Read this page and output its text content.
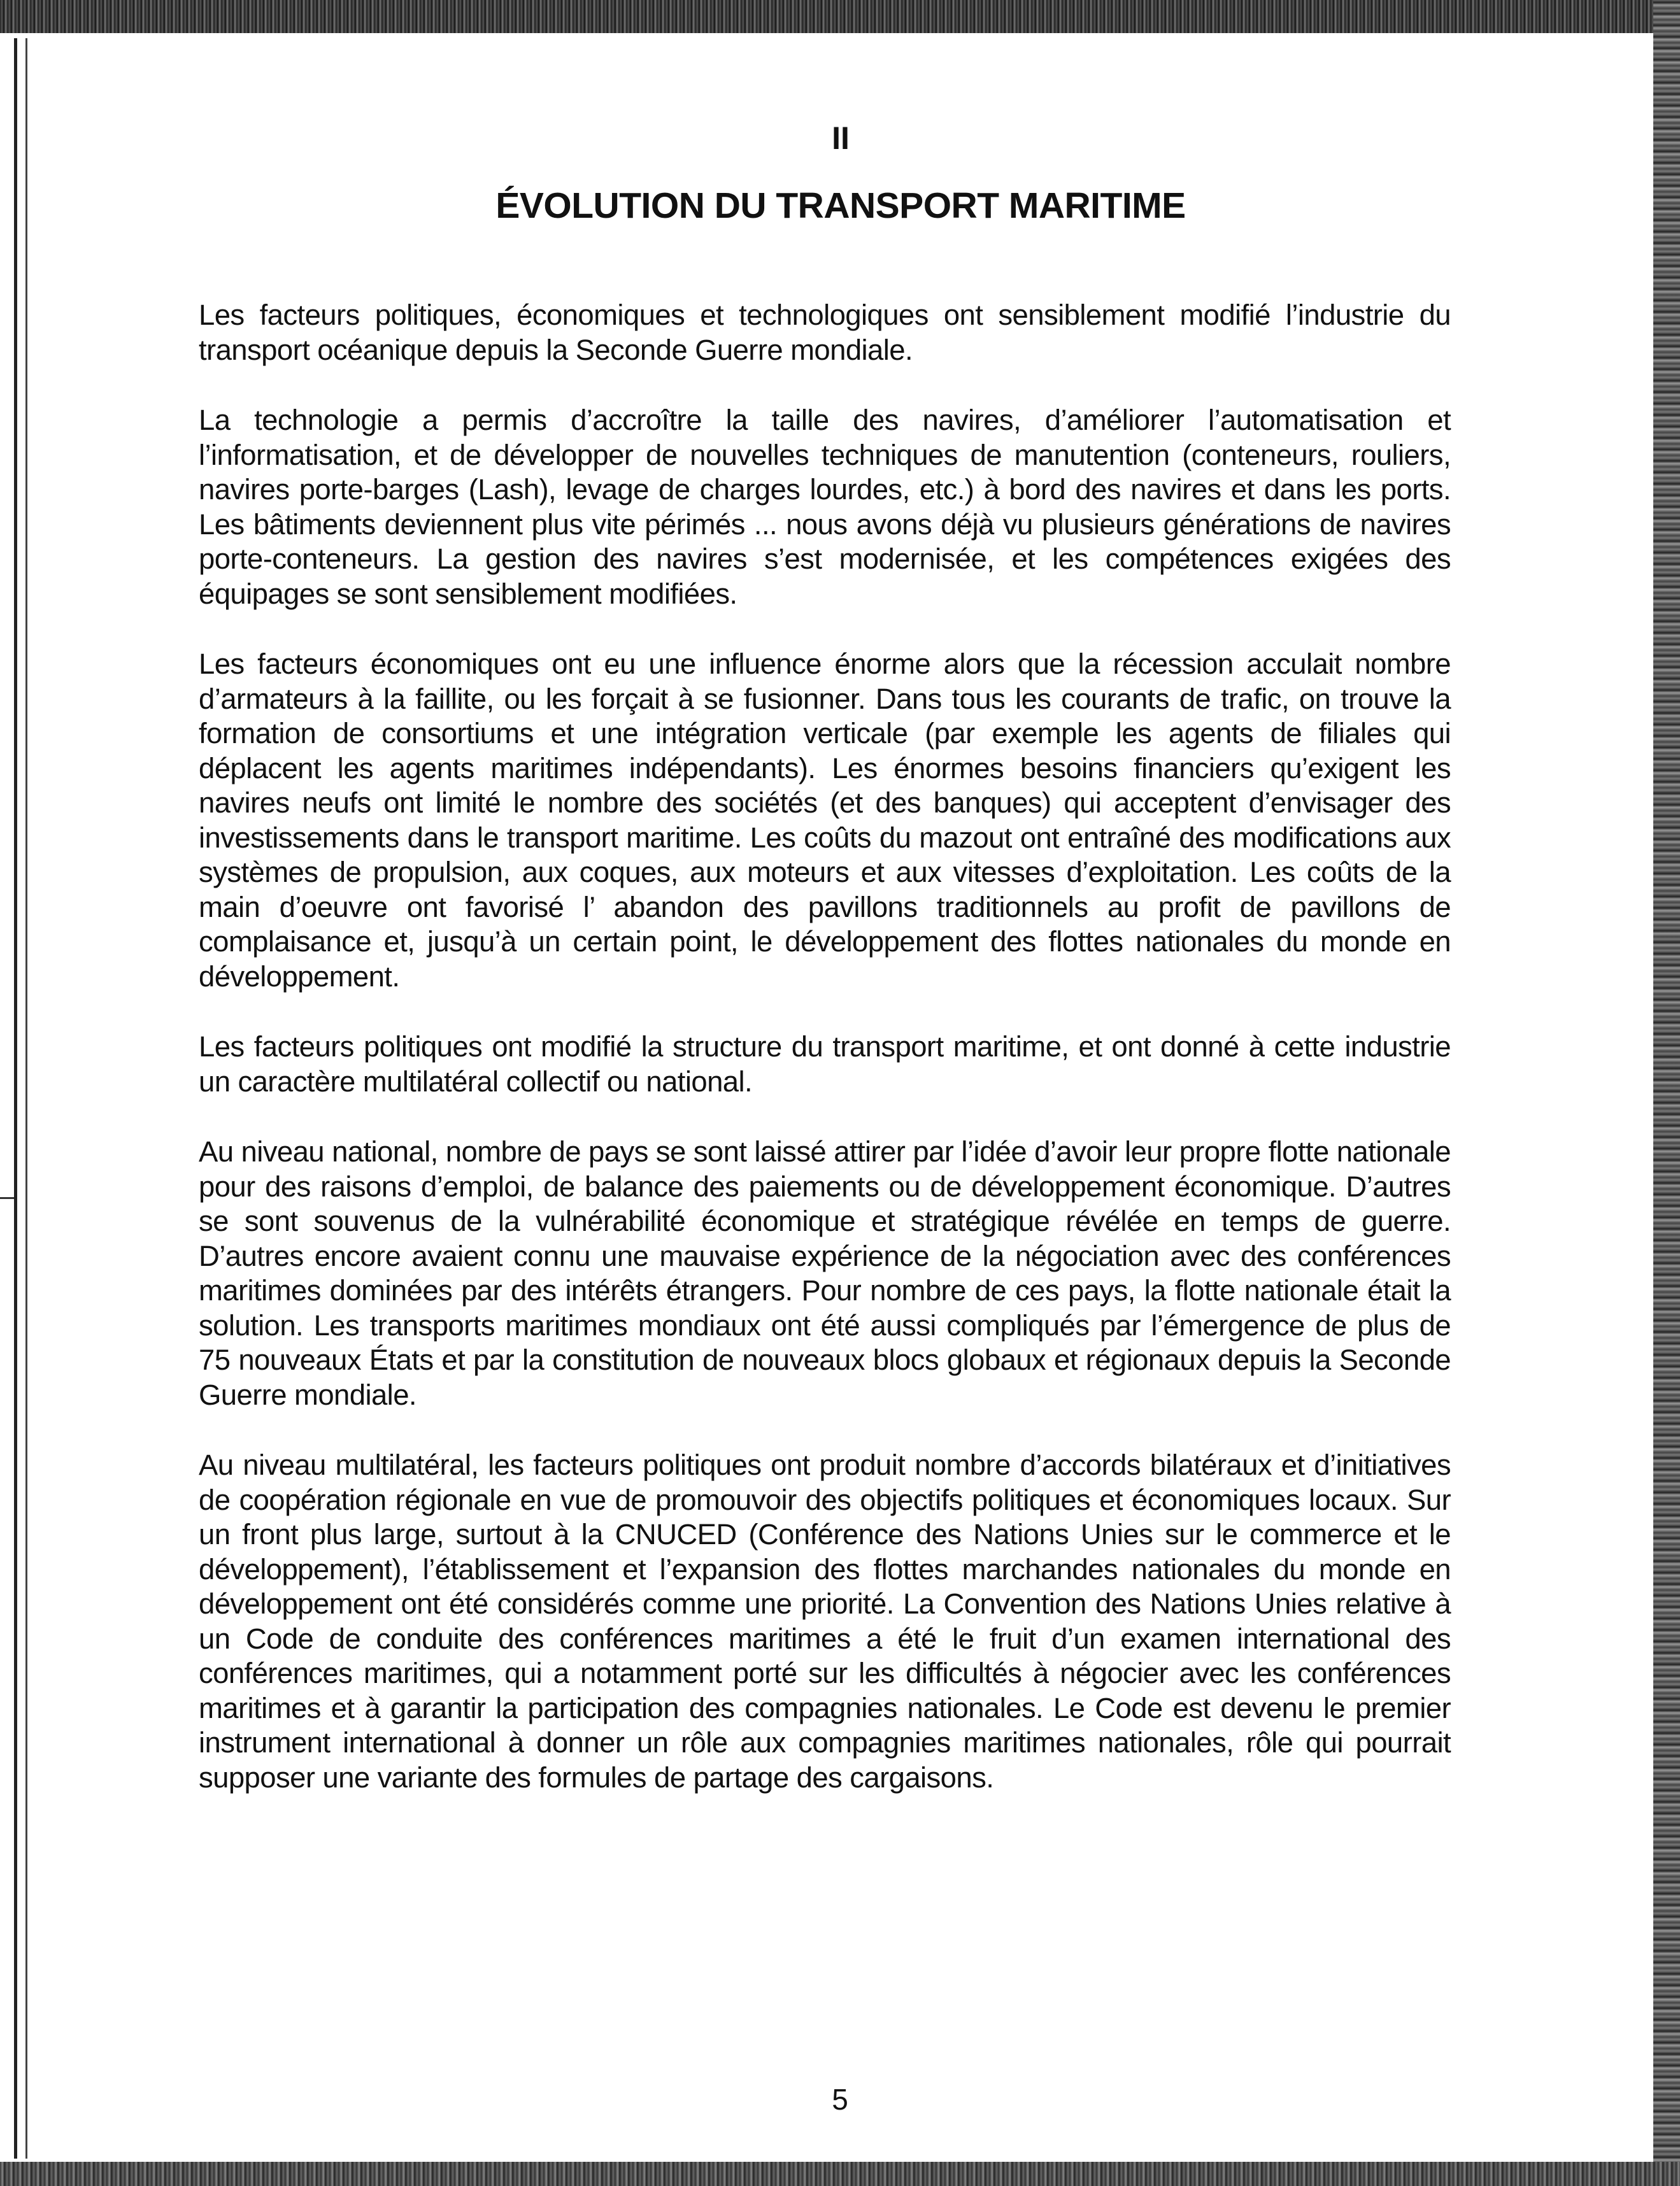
II
ÉVOLUTION DU TRANSPORT MARITIME

Les facteurs politiques, économiques et technologiques ont sensiblement modifié l’industrie du transport océanique depuis la Seconde Guerre mondiale.

La technologie a permis d’accroître la taille des navires, d’améliorer l’automatisation et l’informatisation, et de développer de nouvelles techniques de manutention (conteneurs, rouliers, navires porte-barges (Lash), levage de charges lourdes, etc.) à bord des navires et dans les ports. Les bâtiments deviennent plus vite périmés ... nous avons déjà vu plusieurs générations de navires porte-conteneurs. La gestion des navires s’est modernisée, et les compétences exigées des équipages se sont sensiblement modifiées.

Les facteurs économiques ont eu une influence énorme alors que la récession acculait nombre d’armateurs à la faillite, ou les forçait à se fusionner. Dans tous les courants de trafic, on trouve la formation de consortiums et une intégration verticale (par exemple les agents de filiales qui déplacent les agents maritimes indépendants). Les énormes besoins financiers qu’exigent les navires neufs ont limité le nombre des sociétés (et des banques) qui acceptent d’envisager des investissements dans le transport maritime. Les coûts du mazout ont entraîné des modifications aux systèmes de propulsion, aux coques, aux moteurs et aux vitesses d’exploitation. Les coûts de la main d’oeuvre ont favorisé l’ abandon des pavillons traditionnels au profit de pavillons de complaisance et, jusqu’à un certain point, le développement des flottes nationales du monde en développement.

Les facteurs politiques ont modifié la structure du transport maritime, et ont donné à cette industrie un caractère multilatéral collectif ou national.

Au niveau national, nombre de pays se sont laissé attirer par l’idée d’avoir leur propre flotte nationale pour des raisons d’emploi, de balance des paiements ou de développement économique. D’autres se sont souvenus de la vulnérabilité économique et stratégique révélée en temps de guerre. D’autres encore avaient connu une mauvaise expérience de la négociation avec des conférences maritimes dominées par des intérêts étrangers. Pour nombre de ces pays, la flotte nationale était la solution. Les transports maritimes mondiaux ont été aussi compliqués par l’émergence de plus de 75 nouveaux États et par la constitution de nouveaux blocs globaux et régionaux depuis la Seconde Guerre mondiale.

Au niveau multilatéral, les facteurs politiques ont produit nombre d’accords bilatéraux et d’initiatives de coopération régionale en vue de promouvoir des objectifs politiques et économiques locaux. Sur un front plus large, surtout à la CNUCED (Conférence des Nations Unies sur le commerce et le développement), l’établissement et l’expansion des flottes marchandes nationales du monde en développement ont été considérés comme une priorité. La Convention des Nations Unies relative à un Code de conduite des conférences maritimes a été le fruit d’un examen international des conférences maritimes, qui a notamment porté sur les difficultés à négocier avec les conférences maritimes et à garantir la participation des compagnies nationales. Le Code est devenu le premier instrument international à donner un rôle aux compagnies maritimes nationales, rôle qui pourrait supposer une variante des formules de partage des cargaisons.

5
